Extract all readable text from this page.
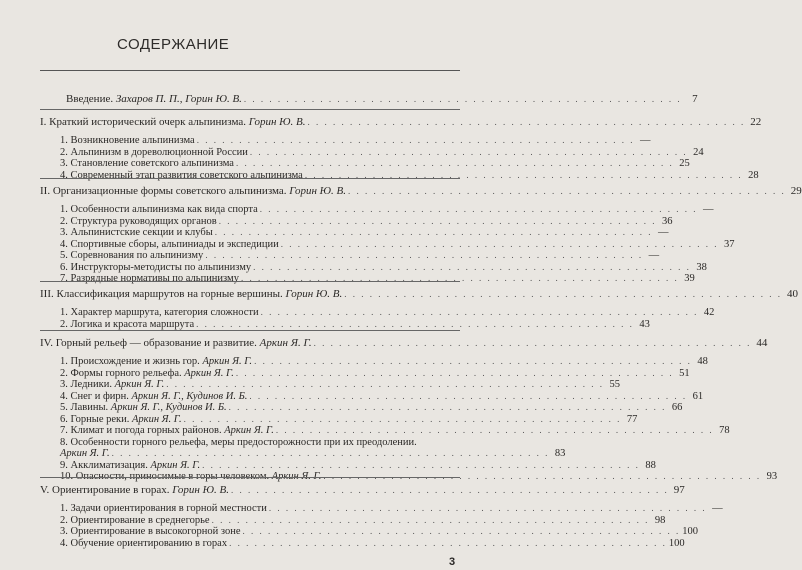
СОДЕРЖАНИЕ
Введение. Захаров П. П., Горин Ю. В. . . .	7
I. Краткий исторический очерк альпинизма. Горин Ю. В. . . .	22
1. Возникновение альпинизма . . .	—
2. Альпинизм в дореволюционной России . . .	24
3. Становление советского альпинизма . . .	25
4. Современный этап развития советского альпинизма . . .	28
II. Организационные формы советского альпинизма. Горин Ю. В. . . .	29
1. Особенности альпинизма как вида спорта . . .	—
2. Структура руководящих органов . . .	36
3. Альпинистские секции и клубы . . .	—
4. Спортивные сборы, альпиниады и экспедиции . . .	37
5. Соревнования по альпинизму . . .	—
6. Инструкторы-методисты по альпинизму . . .	38
7. Разрядные нормативы по альпинизму . . .	39
III. Классификация маршрутов на горные вершины. Горин Ю. В. . . .	40
1. Характер маршрута, категория сложности . . .	42
2. Логика и красота маршрута . . .	43
IV. Горный рельеф — образование и развитие. Аркин Я. Г. . . .	44
1. Происхождение и жизнь гор. Аркин Я. Г. . . .	48
2. Формы горного рельефа. Аркин Я. Г. . . .	51
3. Ледники. Аркин Я. Г. . . .	55
4. Снег и фирн. Аркин Я. Г., Кудинов И. Б. . . .	61
5. Лавины. Аркин Я. Г., Кудинов И. Б. . . .	66
6. Горные реки. Аркин Я. Г. . . .	77
7. Климат и погода горных районов. Аркин Я. Г. . . .	78
8. Особенности горного рельефа, меры предосторожности при их преодолении.
Аркин Я. Г. . . .	83
9. Акклиматизация. Аркин Я. Г. . . .	88
10. Опасности, приносимые в горы человеком. Аркин Я. Г. . . .	93
V. Ориентирование в горах. Горин Ю. В. . . .	97
1. Задачи ориентирования в горной местности . . .	—
2. Ориентирование в среднегорье . . .	98
3. Ориентирование в высокогорной зоне . . .	100
4. Обучение ориентированию в горах . . .	100
3
